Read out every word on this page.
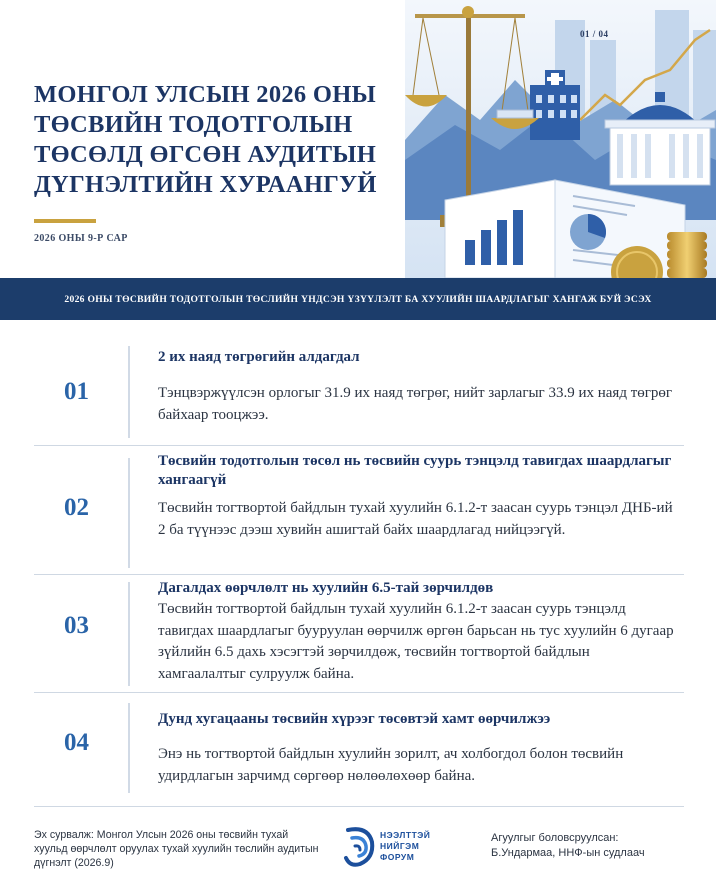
МОНГОЛ УЛСЫН 2026 ОНЫ
ТӨСВИЙН ТОДОТГОЛЫН
ТӨСӨЛД ӨГСӨН АУДИТЫН
ДҮГНЭЛТИЙН ХУРААНГУЙ
2026 ОНЫ 9-Р САР
01 / 04
2026 ОНЫ ТӨСВИЙН ТОДОТГОЛЫН ТӨСЛИЙН ҮНДСЭН ҮЗҮҮЛЭЛТ БА ХУУЛИЙН ШААРДЛАГЫГ ХАНГАЖ БУЙ ЭСЭХ
01
2 их наяд төгрөгийн алдагдал
Тэнцвэржүүлсэн орлогыг 31.9 их наяд төгрөг, нийт зарлагыг 33.9 их наяд төгрөг байхаар тооцжээ.
02
Төсвийн тодотголын төсөл нь төсвийн суурь тэнцэлд тавигдах шаардлагыг хангаагүй
Төсвийн тогтвортой байдлын тухай хуулийн 6.1.2-т заасан суурь тэнцэл ДНБ-ий 2 ба түүнээс дээш хувийн ашигтай байх шаардлагад нийцээгүй.
03
Дагалдах өөрчлөлт нь хуулийн 6.5-тай зөрчилдөв
Төсвийн тогтвортой байдлын тухай хуулийн 6.1.2-т заасан суурь тэнцэлд тавигдах шаардлагыг бууруулан өөрчилж өргөн барьсан нь тус хуулийн 6 дугаар зүйлийн 6.5 дахь хэсэгтэй зөрчилдөж, төсвийн тогтвортой байдлын хамгаалалтыг сулруулж байна.
04
Дунд хугацааны төсвийн хүрээг төсөвтэй хамт өөрчилжээ
Энэ нь тогтвортой байдлын хуулийн зорилт, ач холбогдол болон төсвийн удирдлагын зарчимд сөргөөр нөлөөлөхөөр байна.
Эх сурвалж: Монгол Улсын 2026 оны төсвийн тухай хуульд өөрчлөлт оруулах тухай хуулийн төслийн аудитын дүгнэлт (2026.9)
НЭЭЛТТЭЙ
НИЙГЭМ
ФОРУМ
Агуулгыг боловсруулсан:
Б.Ундармаа, ННФ-ын судлаач
